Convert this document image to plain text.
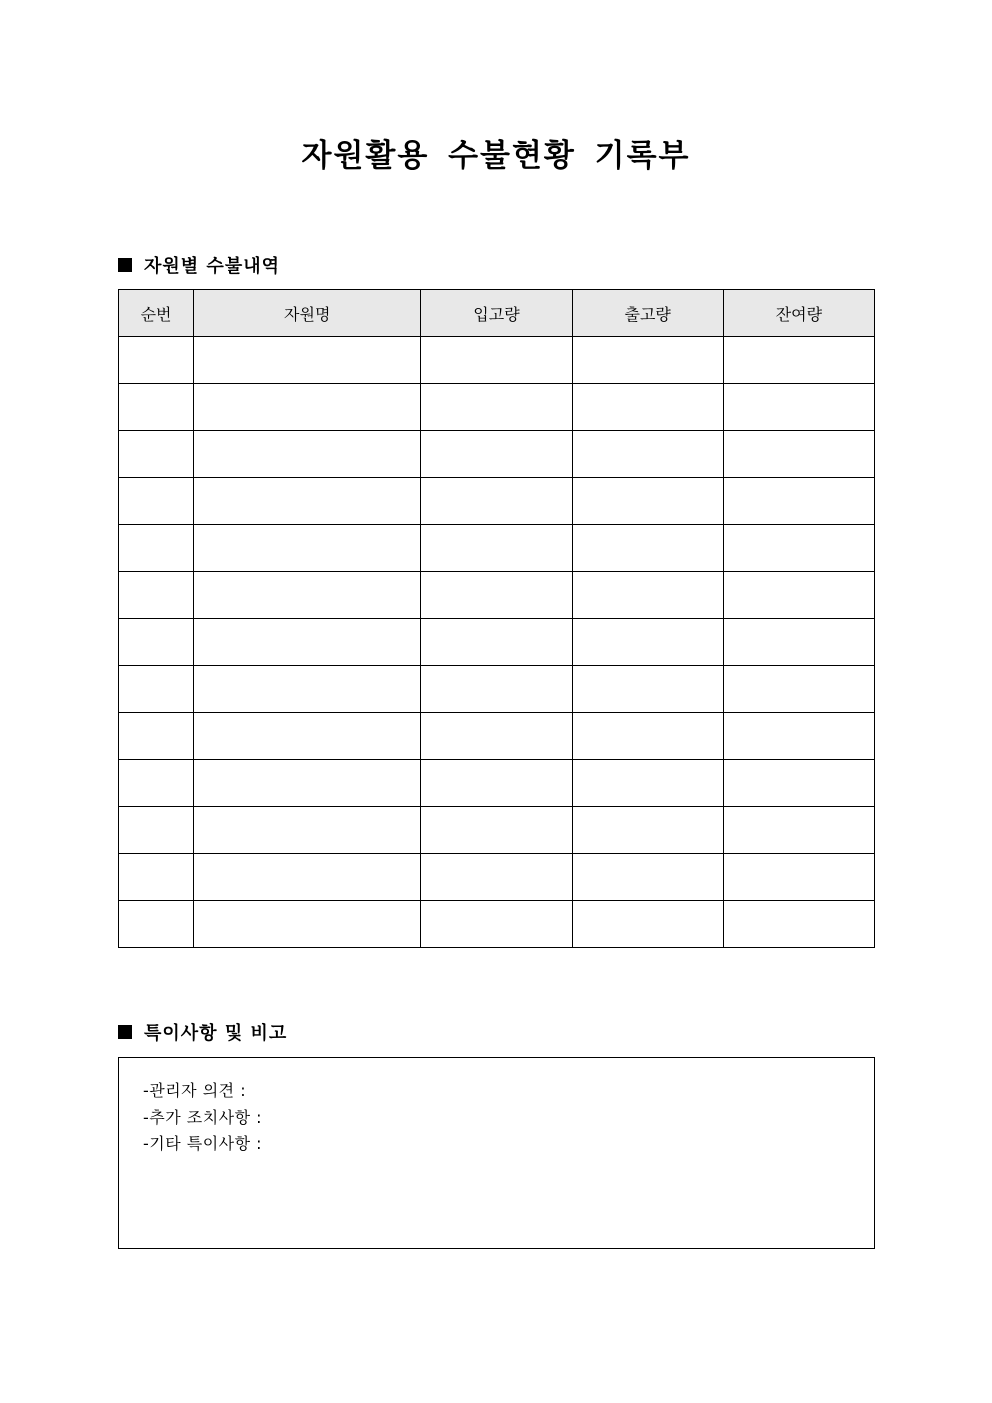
자원활용 수불현황 기록부
자원별 수불내역
순번	자원명	입고량	출고량	잔여량

특이사항 및 비고
-관리자 의견 :
-추가 조치사항 :
-기타 특이사항 :
